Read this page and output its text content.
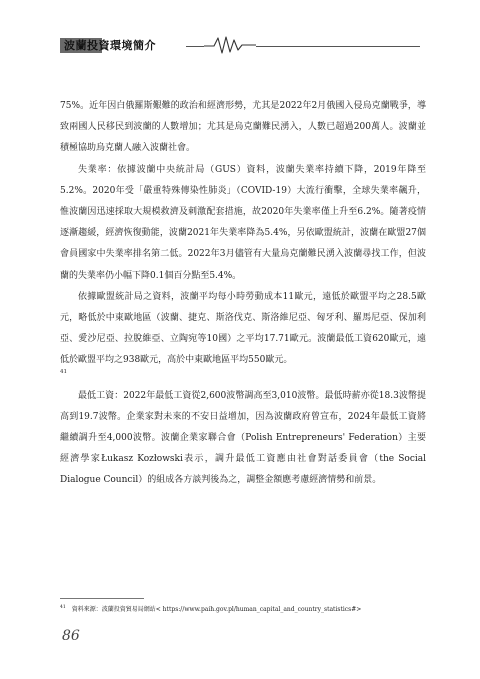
波蘭投資環境簡介

75%。近年因白俄羅斯艱難的政治和經濟形勢，尤其是2022年2月俄國入侵烏克蘭戰爭，導致兩國人民移民到波蘭的人數增加；尤其是烏克蘭難民湧入，人數已超過200萬人。波蘭並積極協助烏克蘭人融入波蘭社會。

失業率：依據波蘭中央統計局（GUS）資料，波蘭失業率持續下降，2019年降至5.2%。2020年受「嚴重特殊傳染性肺炎」（COVID-19）大流行衝擊，全球失業率飆升，惟波蘭因迅速採取大規模救濟及刺激配套措施，故2020年失業率僅上升至6.2%。隨著疫情逐漸趨緩，經濟恢復動能，波蘭2021年失業率降為5.4%，另依歐盟統計，波蘭在歐盟27個會員國家中失業率排名第二低。2022年3月儘管有大量烏克蘭難民湧入波蘭尋找工作，但波蘭的失業率仍小幅下降0.1個百分點至5.4%。

依據歐盟統計局之資料，波蘭平均每小時勞動成本11歐元，遠低於歐盟平均之28.5歐元，略低於中東歐地區（波蘭、捷克、斯洛伐克、斯洛維尼亞、匈牙利、羅馬尼亞、保加利亞、愛沙尼亞、拉脫維亞、立陶宛等10國）之平均17.71歐元。波蘭最低工資620歐元，遠低於歐盟平均之938歐元，高於中東歐地區平均550歐元。

41

最低工資：2022年最低工資從2,600波幣調高至3,010波幣。最低時薪亦從18.3波幣提高到19.7波幣。企業家對未來的不安日益增加，因為波蘭政府曾宣布，2024年最低工資將繼續調升至4,000波幣。波蘭企業家聯合會（Polish Entrepreneurs' Federation）主要經濟學家Łukasz Kozłowski表示，調升最低工資應由社會對話委員會（the Social Dialogue Council）的組成各方談判後為之，調整金額應考慮經濟情勢和前景。

$^{41}$ 資料來源：波蘭投資貿易局網站< https://www.paih.gov.pl/human_capital_and_country_statistics#>
86
